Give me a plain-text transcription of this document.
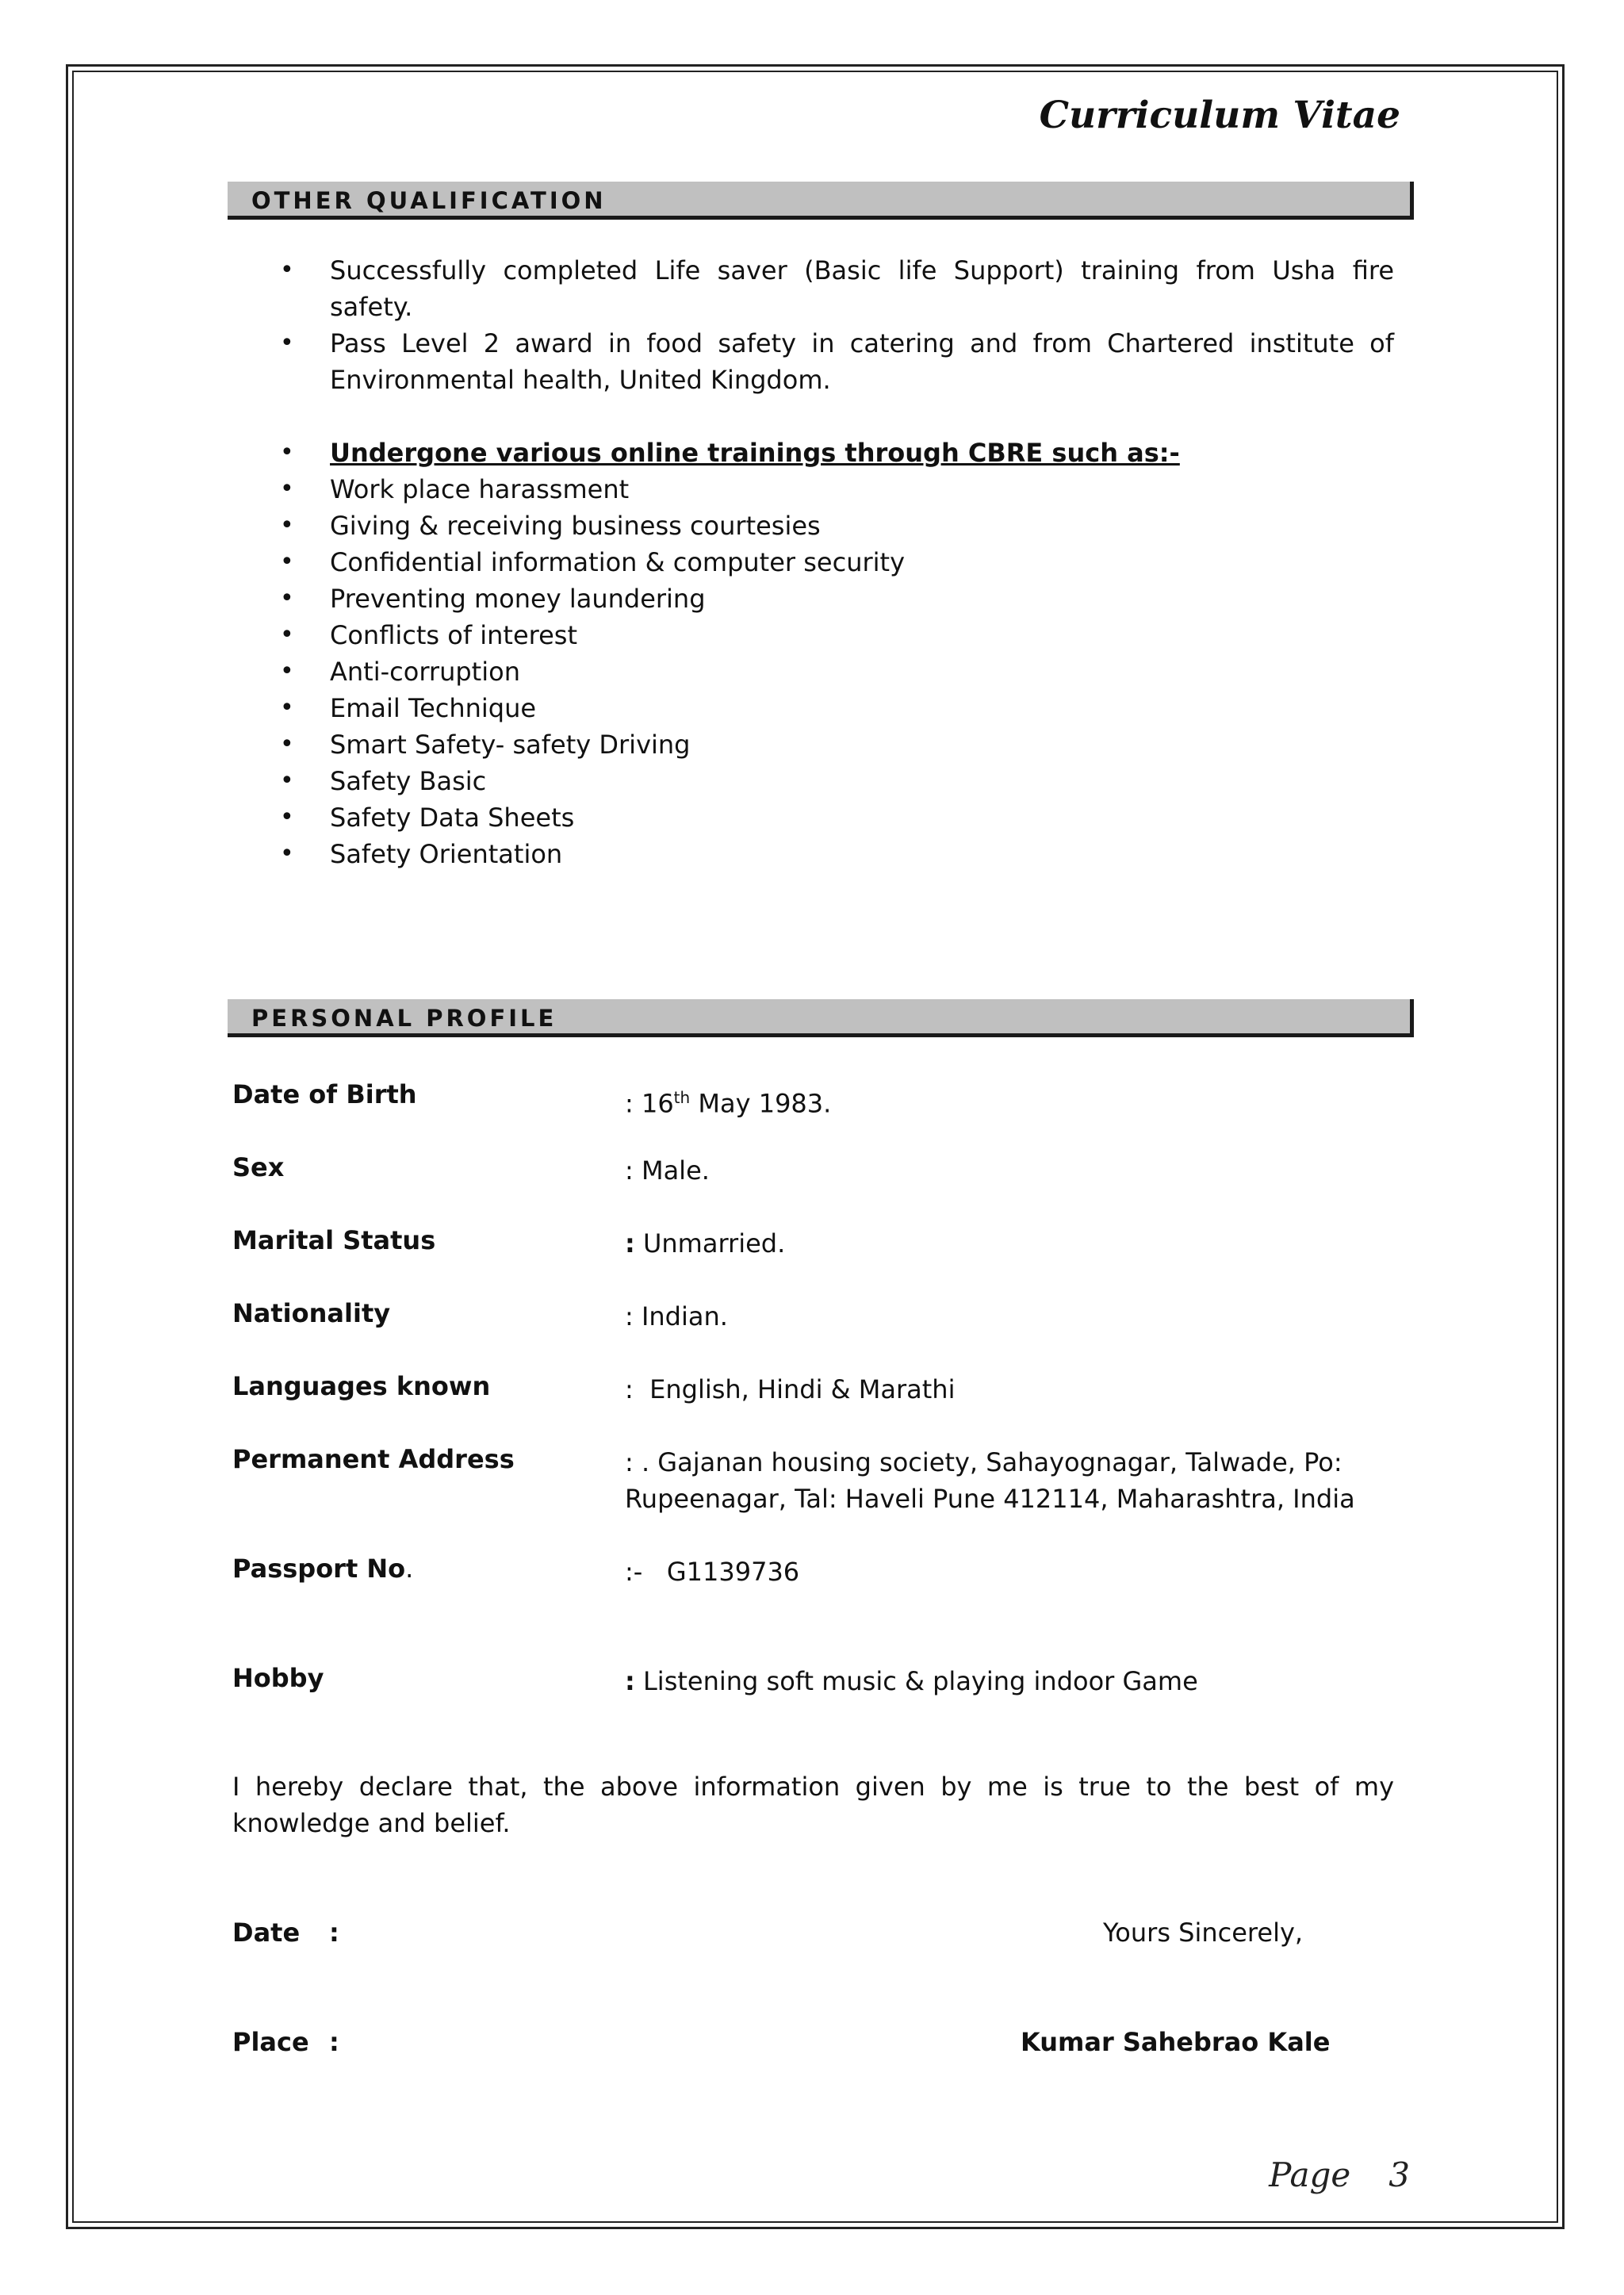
Curriculum Vitae
OTHER QUALIFICATION
• Successfully completed Life saver (Basic life Support) training from Usha fire safety.
• Pass Level 2 award in food safety in catering and from Chartered institute of Environmental health, United Kingdom.
• Undergone various online trainings through CBRE such as:-
• Work place harassment
• Giving & receiving business courtesies
• Confidential information & computer security
• Preventing money laundering
• Conflicts of interest
• Anti-corruption
• Email Technique
• Smart Safety- safety Driving
• Safety Basic
• Safety Data Sheets
• Safety Orientation
PERSONAL PROFILE
Date of Birth	: 16th May 1983.
Sex	: Male.
Marital Status	: Unmarried.
Nationality	: Indian.
Languages known	:  English, Hindi & Marathi
Permanent Address	: . Gajanan housing society, Sahayognagar, Talwade, Po:
Rupeenagar, Tal: Haveli Pune 412114, Maharashtra, India
Passport No.	:-   G1139736
Hobby	: Listening soft music & playing indoor Game
I hereby declare that, the above information given by me is true to the best of my knowledge and belief.
Date :	Yours Sincerely,
Place :	Kumar Sahebrao Kale
Page 3
